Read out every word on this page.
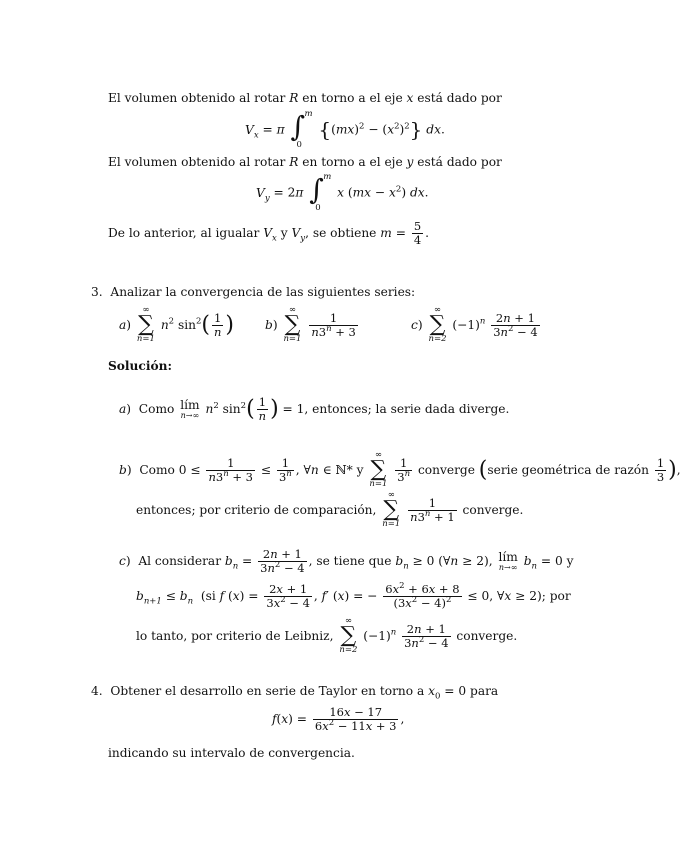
El volumen obtenido al rotar R en torno a el eje x está dado por
$V_x = \pi$ ∫ m
0
$\{(mx)^2 - (x^2)^2\}$ dx.
El volumen obtenido al rotar R en torno a el eje y está dado por
$V_y = 2\pi$ ∫ m
0
x $(mx - x^2)$ dx.
De lo anterior, al igualar $V_x$ y $V_y$, se obtiene $m = \frac{5}{4}$ .
3. Analizar la convergencia de las siguientes series:
a)
∞
∑
n=1
$n^2$ $\sin^2( \frac{1}{n}$ )	b)
∞
∑
n=1

$\frac{1}{n3^n + 3}$	c)
∞
∑
n=2
$(-1)^n \frac{2n + 1}{3n^2 - 4}$
Solución:
a)  Como lím
n→∞ $n^2$ $\sin^2( \frac{1}{n}$ ) = 1, entonces; la serie dada diverge.
b)  Como $0 \le \frac{1}{n3^n + 3} \le \frac{1}{3^n}$ , ∀n ∈ ℕ* y
∞
∑
n=1

$\frac{1}{3^n}$ converge (serie geométrica de razón $\frac{1}{3}$ ),
entonces; por criterio de comparación,
∞
∑
n=1

$\frac{1}{n3^n + 1}$ converge.
c)  Al considerar $b_n = \frac{2n + 1}{3n^2 - 4}$ , se tiene que $b_n \ge 0$ (∀n ≥ 2), lím
n→∞ $b_n = 0$ y
$b_{n+1} \le b_n$ (si f $(x) = \frac{2x + 1}{3x^2 - 4}$ , f′ (x) = − $\frac{6x^2 + 6x + 8}{(3x^2 - 4)^2} \le 0$, ∀x ≥ 2); por
lo tanto, por criterio de Leibniz,
∞
∑
n=2
$(-1)^n \frac{2n + 1}{3n^2 - 4}$ converge.
4.  Obtener el desarrollo en serie de Taylor en torno a $x_0 = 0$ para
$f(x) = \frac{16x - 17}{6x^2 - 11x + 3}$ ,
indicando su intervalo de convergencia.
